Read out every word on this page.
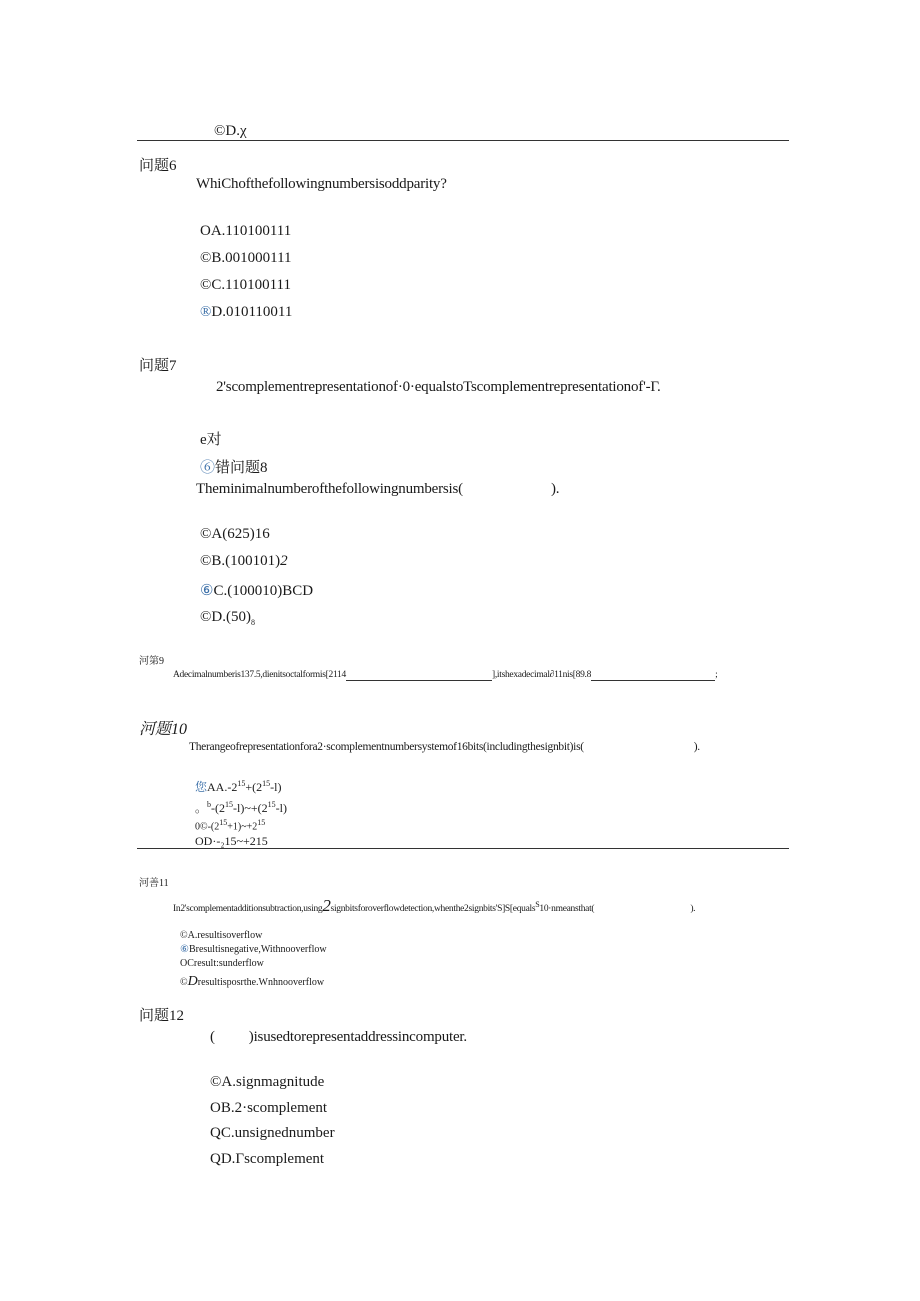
©D.χ
问题6
WhiChofthefollowingnumbersisoddparity?
OA.110100111
©B.001000111
©C.110100111
®D.010110011
问题7
2'scomplementrepresentationof·0·equalstoTscomplementrepresentationof'-Γ.
e对
⑥错问题8
Theminimalnumberofthefollowingnumbersis(	).
©A(625)16
©B.(100101)2
⑥C.(100010)BCD
$©D.(50)_8$
河第9
Adecimalnumberis137.5,dienitsoctalformis[2114	],itshexadecimal∂11nis[89.8	;
河题10
Therangeofrepresentationfora2·scomplementnumbersystemof16bits(includingthesignbit)is(	).
您$AA.-2^{15}+(2^{15}-l)$
。$^b-(2^{15}-l)\sim+(2^{15}-l)$
$0©-(2^{15}+1)\sim+2^{15}$
OD·-₂15~+215
河善11
In2'scomplementadditionsubtraction,using2signbitsforoverflowdetection,whenthe2signbits'S]S[equals$^S$10·nmeansthat(	).
©A.resultisoverflow
⑥Bresultisnegative,Withnooverflow
OCresult:sunderflow
©Dresultisposrthe.Wnhnooverflow
问题12
( )isusedtorepresentaddressincomputer.
©A.signmagnitude
OB.2·scomplement
QC.unsignednumber
QD.Γscomplement
